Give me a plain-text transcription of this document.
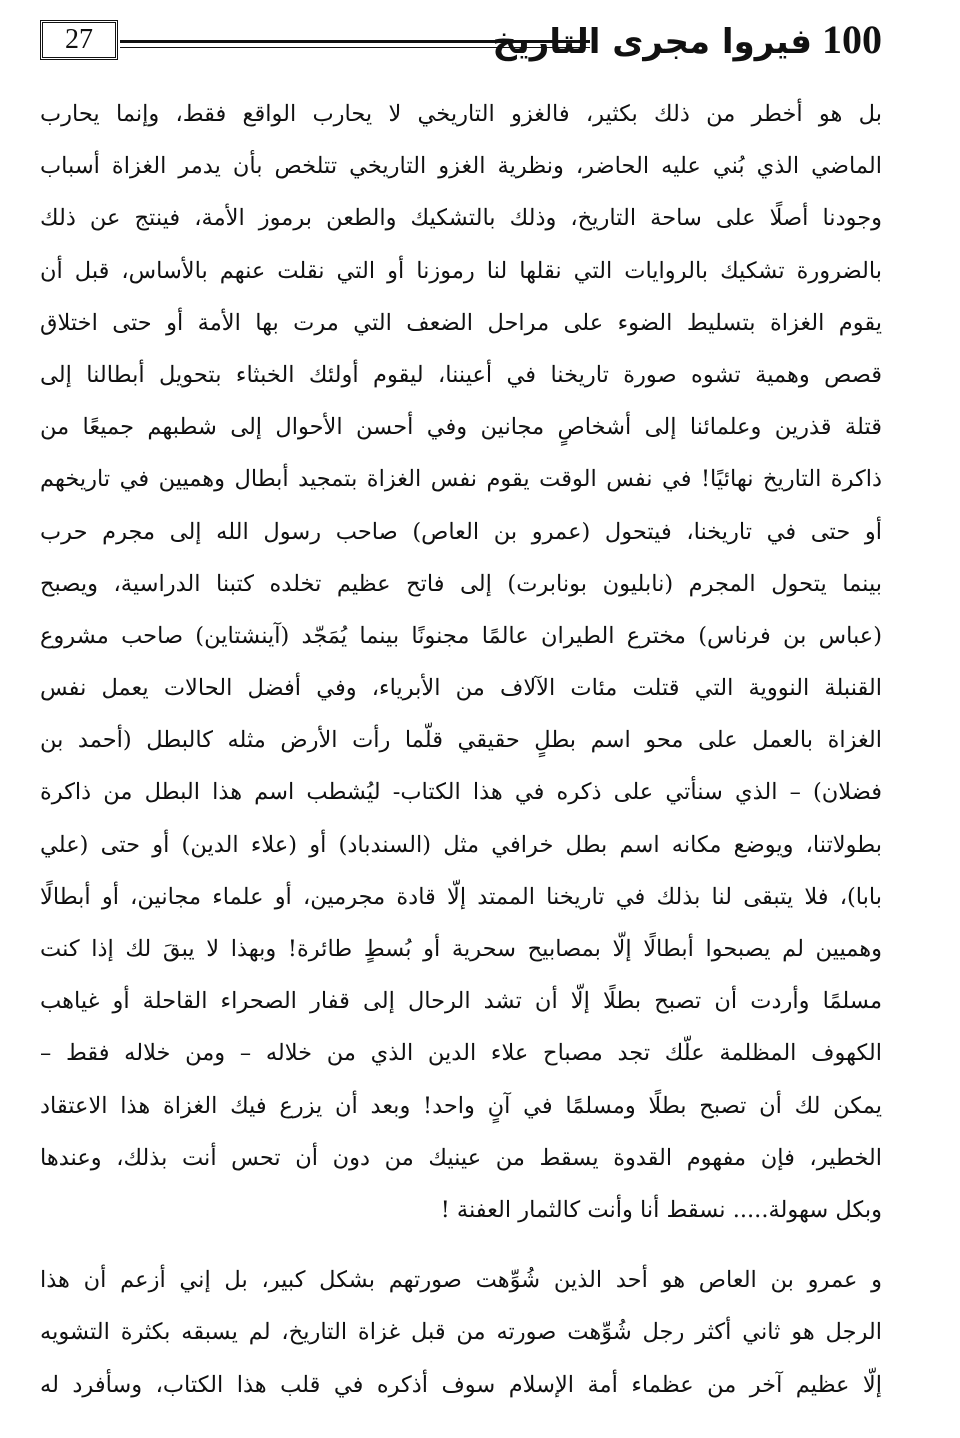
27	100فيروا مجرى التاريخ
بل هو أخطر من ذلك بكثير، فالغزو التاريخي لا يحارب الواقع فقط، وإنما يحارب
الماضي الذي بُني عليه الحاضر، ونظرية الغزو التاريخي تتلخص بأن يدمر الغزاة أسباب
وجودنا أصلًا على ساحة التاريخ، وذلك بالتشكيك والطعن برموز الأمة، فينتج عن ذلك
بالضرورة تشكيك بالروايات التي نقلها لنا رموزنا أو التي نقلت عنهم بالأساس، قبل أن
يقوم الغزاة بتسليط الضوء على مراحل الضعف التي مرت بها الأمة أو حتى اختلاق
قصص وهمية تشوه صورة تاريخنا في أعيننا، ليقوم أولئك الخبثاء بتحويل أبطالنا إلى
قتلة قذرين وعلمائنا إلى أشخاصٍ مجانين وفي أحسن الأحوال إلى شطبهم جميعًا من
ذاكرة التاريخ نهائيًا! في نفس الوقت يقوم نفس الغزاة بتمجيد أبطال وهميين في تاريخهم
أو حتى في تاريخنا، فيتحول (عمرو بن العاص) صاحب رسول الله إلى مجرم حرب
بينما يتحول المجرم (نابليون بونابرت) إلى فاتح عظيم تخلده كتبنا الدراسية، ويصبح
(عباس بن فرناس) مخترع الطيران عالمًا مجنونًا بينما يُمَجّد (آينشتاين) صاحب مشروع
القنبلة النووية التي قتلت مئات الآلاف من الأبرياء، وفي أفضل الحالات يعمل نفس
الغزاة بالعمل على محو اسم بطلٍ حقيقي قلّما رأت الأرض مثله كالبطل (أحمد بن
فضلان) – الذي سنأتي على ذكره في هذا الكتاب- ليُشطب اسم هذا البطل من ذاكرة
بطولاتنا، ويوضع مكانه اسم بطل خرافي مثل (السندباد) أو (علاء الدين) أو حتى (علي
بابا)، فلا يتبقى لنا بذلك في تاريخنا الممتد إلّا قادة مجرمين، أو علماء مجانين، أو أبطالًا
وهميين لم يصبحوا أبطالًا إلّا بمصابيح سحرية أو بُسطٍ طائرة! وبهذا لا يبقَ لك إذا كنت
مسلمًا وأردت أن تصبح بطلًا إلّا أن تشد الرحال إلى قفار الصحراء القاحلة أو غياهب
الكهوف المظلمة علّك تجد مصباح علاء الدين الذي من خلاله – ومن خلاله فقط –
يمكن لك أن تصبح بطلًا ومسلمًا في آنٍ واحد! وبعد أن يزرع فيك الغزاة هذا الاعتقاد
الخطير، فإن مفهوم القدوة يسقط من عينيك من دون أن تحس أنت بذلك، وعندها
وبكل سهولة..... نسقط أنا وأنت كالثمار العفنة !
و عمرو بن العاص هو أحد الذين شُوِّهت صورتهم بشكل كبير، بل إني أزعم أن هذا
الرجل هو ثاني أكثر رجل شُوِّهت صورته من قبل غزاة التاريخ، لم يسبقه بكثرة التشويه
إلّا عظيم آخر من عظماء أمة الإسلام سوف أذكره في قلب هذا الكتاب، وسأفرد له
